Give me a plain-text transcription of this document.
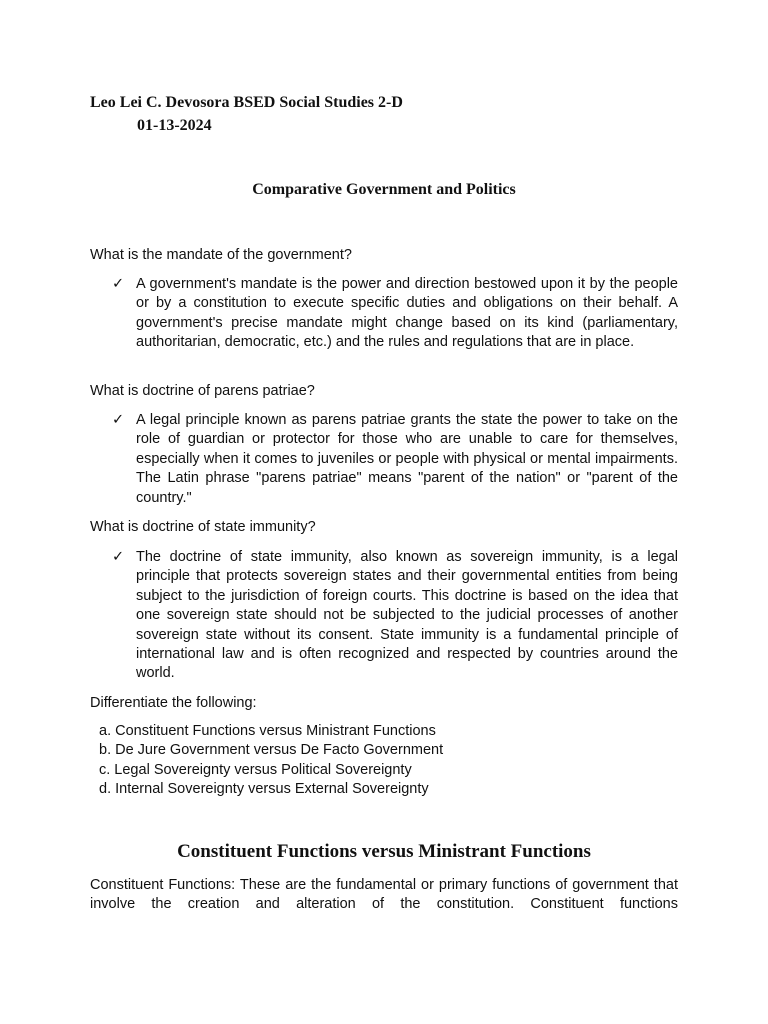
Leo Lei C. Devosora BSED Social Studies 2-D
01-13-2024
Comparative Government and Politics
What is the mandate of the government?
✓ A government's mandate is the power and direction bestowed upon it by the people or by a constitution to execute specific duties and obligations on their behalf. A government's precise mandate might change based on its kind (parliamentary, authoritarian, democratic, etc.) and the rules and regulations that are in place.
What is doctrine of parens patriae?
✓ A legal principle known as parens patriae grants the state the power to take on the role of guardian or protector for those who are unable to care for themselves, especially when it comes to juveniles or people with physical or mental impairments. The Latin phrase "parens patriae" means "parent of the nation" or "parent of the country."
What is doctrine of state immunity?
✓ The doctrine of state immunity, also known as sovereign immunity, is a legal principle that protects sovereign states and their governmental entities from being subject to the jurisdiction of foreign courts. This doctrine is based on the idea that one sovereign state should not be subjected to the judicial processes of another sovereign state without its consent. State immunity is a fundamental principle of international law and is often recognized and respected by countries around the world.
Differentiate the following:
a. Constituent Functions versus Ministrant Functions
b. De Jure Government versus De Facto Government
c. Legal Sovereignty versus Political Sovereignty
d. Internal Sovereignty versus External Sovereignty
Constituent Functions versus Ministrant Functions
Constituent Functions: These are the fundamental or primary functions of government that involve the creation and alteration of the constitution. Constituent functions
